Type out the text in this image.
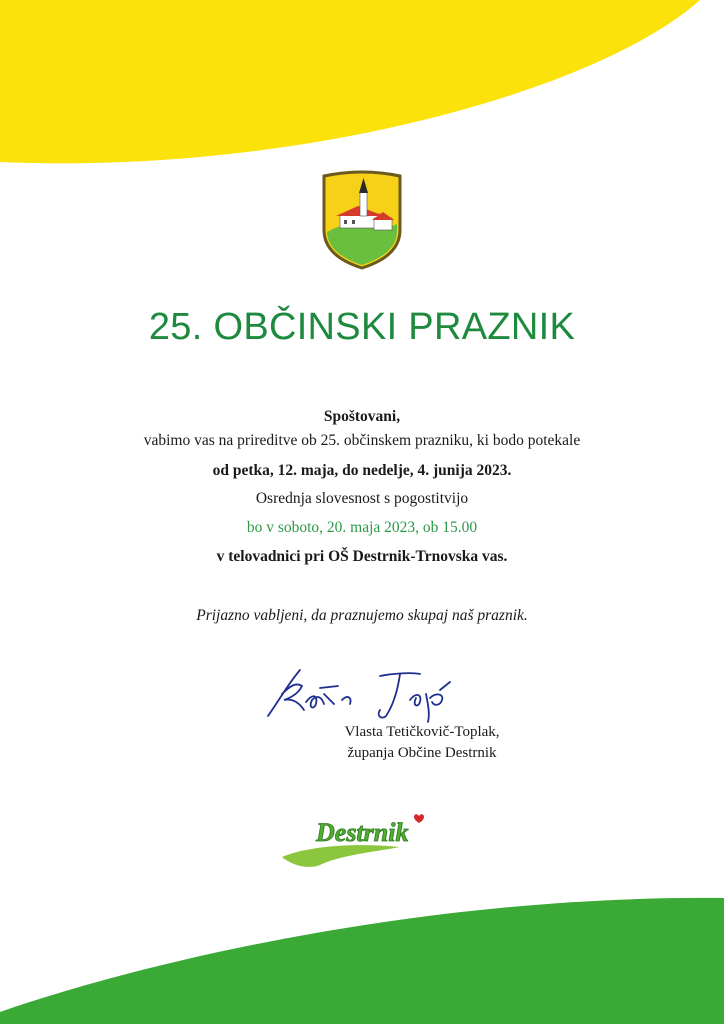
25. OBČINSKI PRAZNIK
Spoštovani,
vabimo vas na prireditve ob 25. občinskem prazniku, ki bodo potekale
od petka, 12. maja, do nedelje, 4. junija 2023.
Osrednja slovesnost s pogostitvijo
bo v soboto, 20. maja 2023, ob 15.00
v telovadnici pri OŠ Destrnik-Trnovska vas.
Prijazno vabljeni, da praznujemo skupaj naš praznik.
Vlasta Tetičkovič-Toplak,
županja Občine Destrnik
Destrnik
